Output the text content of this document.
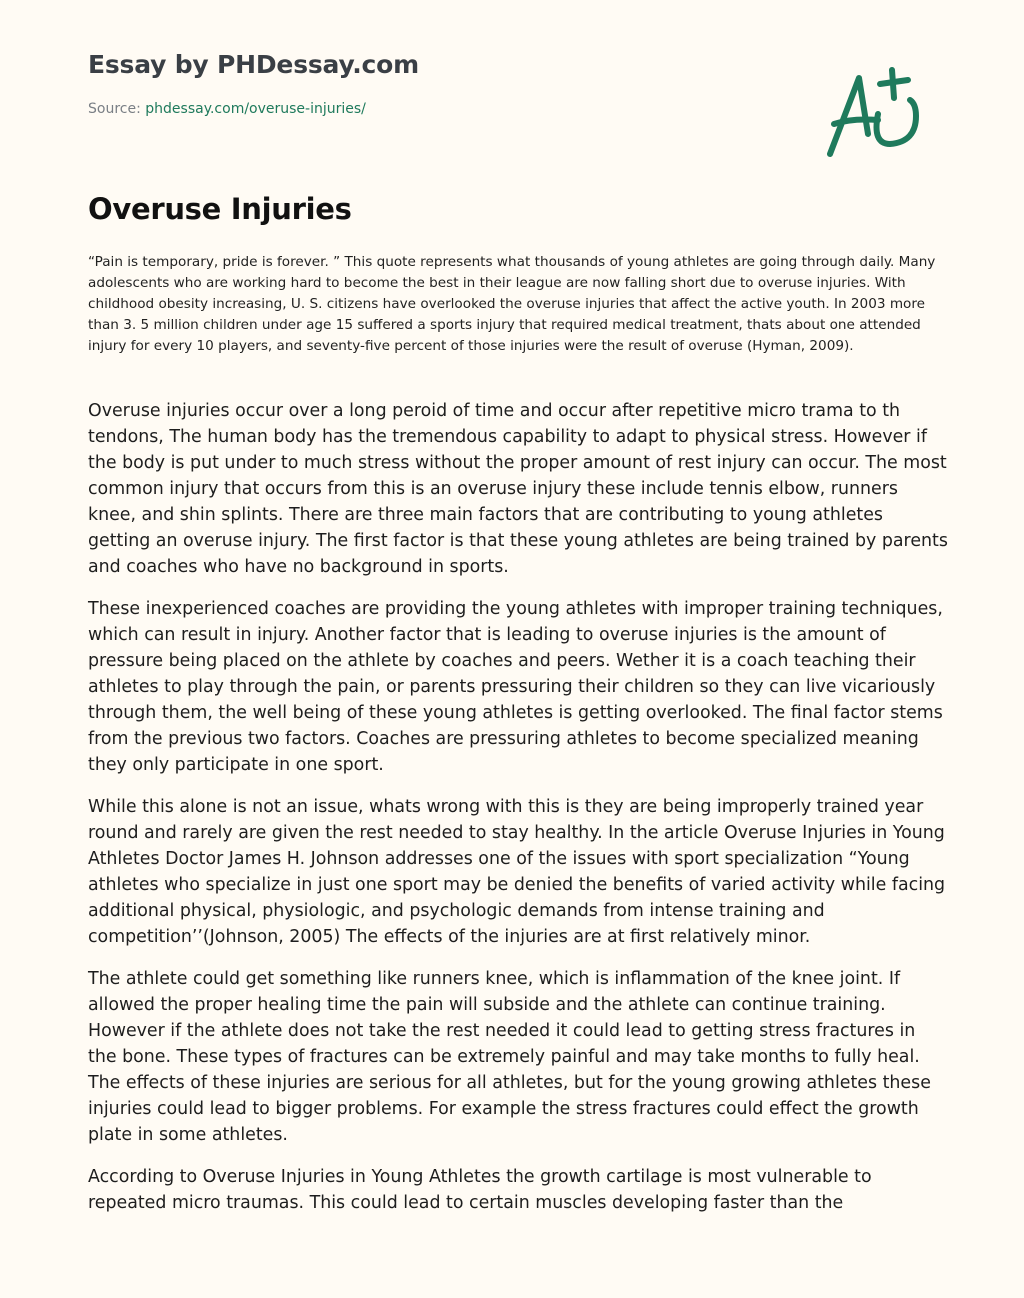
Essay by PHDessay.com
Source: phdessay.com/overuse-injuries/
Overuse Injuries

“Pain is temporary, pride is forever. ” This quote represents what thousands of young athletes are going through daily. Many adolescents who are working hard to become the best in their league are now falling short due to overuse injuries. With childhood obesity increasing, U. S. citizens have overlooked the overuse injuries that affect the active youth. In 2003 more than 3. 5 million children under age 15 suffered a sports injury that required medical treatment, thats about one attended injury for every 10 players, and seventy-five percent of those injuries were the result of overuse (Hyman, 2009).

Overuse injuries occur over a long peroid of time and occur after repetitive micro trama to th tendons, The human body has the tremendous capability to adapt to physical stress. However if the body is put under to much stress without the proper amount of rest injury can occur. The most common injury that occurs from this is an overuse injury these include tennis elbow, runners knee, and shin splints. There are three main factors that are contributing to young athletes getting an overuse injury. The first factor is that these young athletes are being trained by parents and coaches who have no background in sports.

These inexperienced coaches are providing the young athletes with improper training techniques, which can result in injury. Another factor that is leading to overuse injuries is the amount of pressure being placed on the athlete by coaches and peers. Wether it is a coach teaching their athletes to play through the pain, or parents pressuring their children so they can live vicariously through them, the well being of these young athletes is getting overlooked. The final factor stems from the previous two factors. Coaches are pressuring athletes to become specialized meaning they only participate in one sport.

While this alone is not an issue, whats wrong with this is they are being improperly trained year round and rarely are given the rest needed to stay healthy. In the article Overuse Injuries in Young Athletes Doctor James H. Johnson addresses one of the issues with sport specialization “Young athletes who specialize in just one sport may be denied the benefits of varied activity while facing additional physical, physiologic, and psychologic demands from intense training and competition’’(Johnson, 2005) The effects of the injuries are at first relatively minor.

The athlete could get something like runners knee, which is inflammation of the knee joint. If allowed the proper healing time the pain will subside and the athlete can continue training. However if the athlete does not take the rest needed it could lead to getting stress fractures in the bone. These types of fractures can be extremely painful and may take months to fully heal. The effects of these injuries are serious for all athletes, but for the young growing athletes these injuries could lead to bigger problems. For example the stress fractures could effect the growth plate in some athletes.

According to Overuse Injuries in Young Athletes the growth cartilage is most vulnerable to repeated micro traumas. This could lead to certain muscles developing faster than the
